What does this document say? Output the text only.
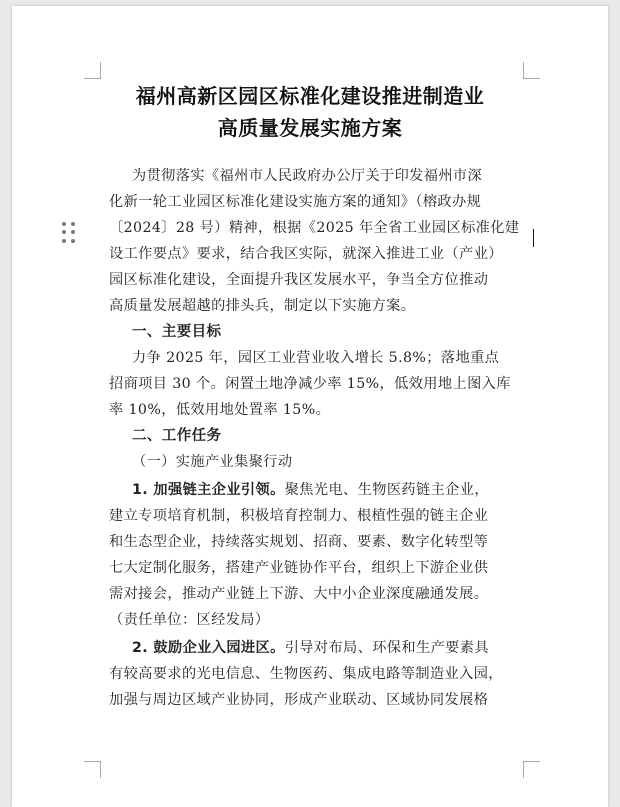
福州高新区园区标准化建设推进制造业
高质量发展实施方案
为贯彻落实《福州市人民政府办公厅关于印发福州市深
化新一轮工业园区标准化建设实施方案的通知》（榕政办规
〔2024〕28 号）精神，根据《2025 年全省工业园区标准化建
设工作要点》要求，结合我区实际，就深入推进工业（产业）
园区标准化建设，全面提升我区发展水平，争当全方位推动
高质量发展超越的排头兵，制定以下实施方案。
一、主要目标
力争 2025 年，园区工业营业收入增长 5.8%；落地重点
招商项目 30 个。闲置土地净减少率 15%，低效用地上图入库
率 10%，低效用地处置率 15%。
二、工作任务
（一）实施产业集聚行动
1. 加强链主企业引领。聚焦光电、生物医药链主企业，
建立专项培育机制，积极培育控制力、根植性强的链主企业
和生态型企业，持续落实规划、招商、要素、数字化转型等
七大定制化服务，搭建产业链协作平台，组织上下游企业供
需对接会，推动产业链上下游、大中小企业深度融通发展。
（责任单位：区经发局）
2. 鼓励企业入园进区。引导对布局、环保和生产要素具
有较高要求的光电信息、生物医药、集成电路等制造业入园，
加强与周边区域产业协同，形成产业联动、区域协同发展格
